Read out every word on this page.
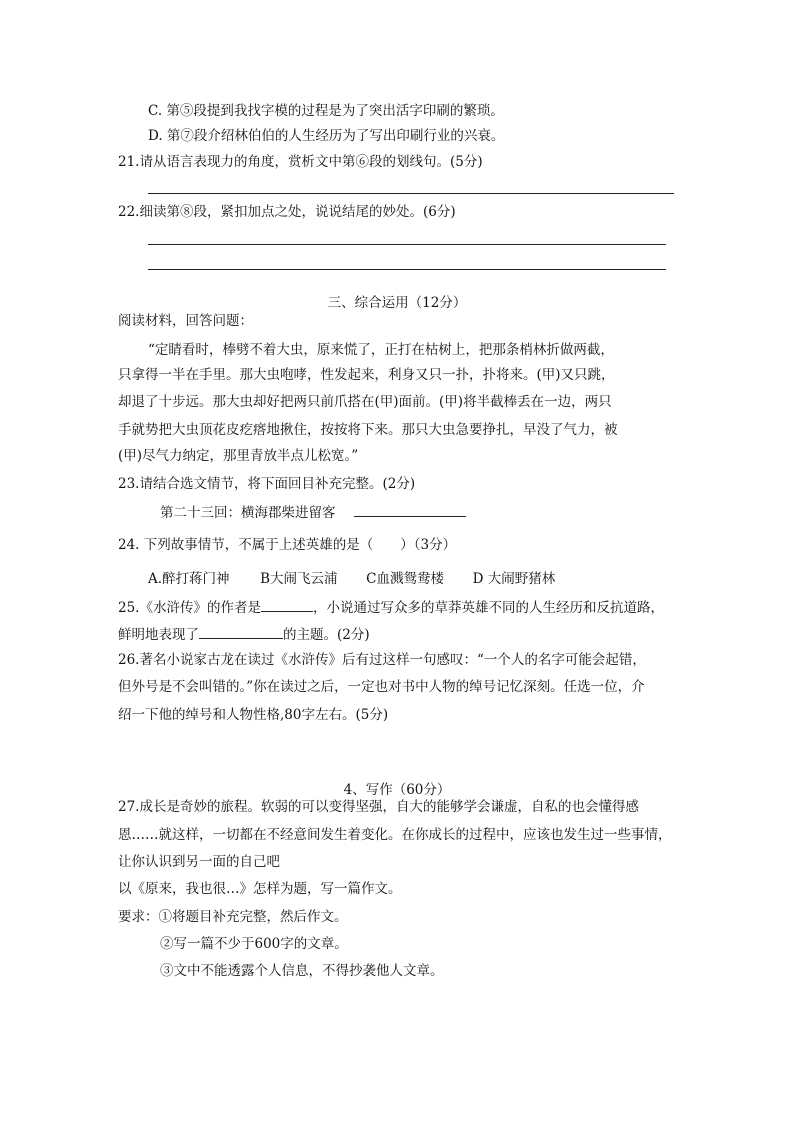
C. 第⑤段提到我找字模的过程是为了突出活字印刷的繁琐。
D. 第⑦段介绍林伯伯的人生经历为了写出印刷行业的兴衰。
21.请从语言表现力的角度，赏析文中第⑥段的划线句。(5分)
22.细读第⑧段，紧扣加点之处，说说结尾的妙处。(6分)
三、综合运用（12分）
阅读材料，回答问题：
“定睛看时，棒劈不着大虫，原来慌了，正打在枯树上，把那条梢林折做两截，
只拿得一半在手里。那大虫咆哮，性发起来，利身又只一扑，扑将来。(甲)又只跳，
却退了十步远。那大虫却好把两只前爪搭在(甲)面前。(甲)将半截棒丢在一边，两只
手就势把大虫顶花皮疙瘩地揪住，按按将下来。那只大虫急要挣扎，早没了气力，被
(甲)尽气力纳定，那里青放半点儿松宽。”
23.请结合选文情节，将下面回目补充完整。(2分)
第二十三回：横海郡柴进留客
24. 下列故事情节，不属于上述英雄的是（　　）（3分）
A.醉打蒋门神 B大闹飞云浦 C血溅鸳鸯楼 D 大闹野猪林
25.《水浒传》的作者是	，小说通过写众多的草莽英雄不同的人生经历和反抗道路，
鲜明地表现了	的主题。(2分)
26.著名小说家古龙在读过《水浒传》后有过这样一句感叹：“一个人的名字可能会起错，
但外号是不会叫错的。”你在读过之后，一定也对书中人物的绰号记忆深刻。任选一位，介
绍一下他的绰号和人物性格,80字左右。(5分)
4、写作（60分）
27.成长是奇妙的旅程。软弱的可以变得坚强，自大的能够学会谦虚，自私的也会懂得感
恩……就这样，一切都在不经意间发生着变化。在你成长的过程中，应该也发生过一些事情，
让你认识到另一面的自己吧
以《原来，我也很…》怎样为题，写一篇作文。
要求：①将题目补充完整，然后作文。
②写一篇不少于600字的文章。
③文中不能透露个人信息，不得抄袭他人文章。
